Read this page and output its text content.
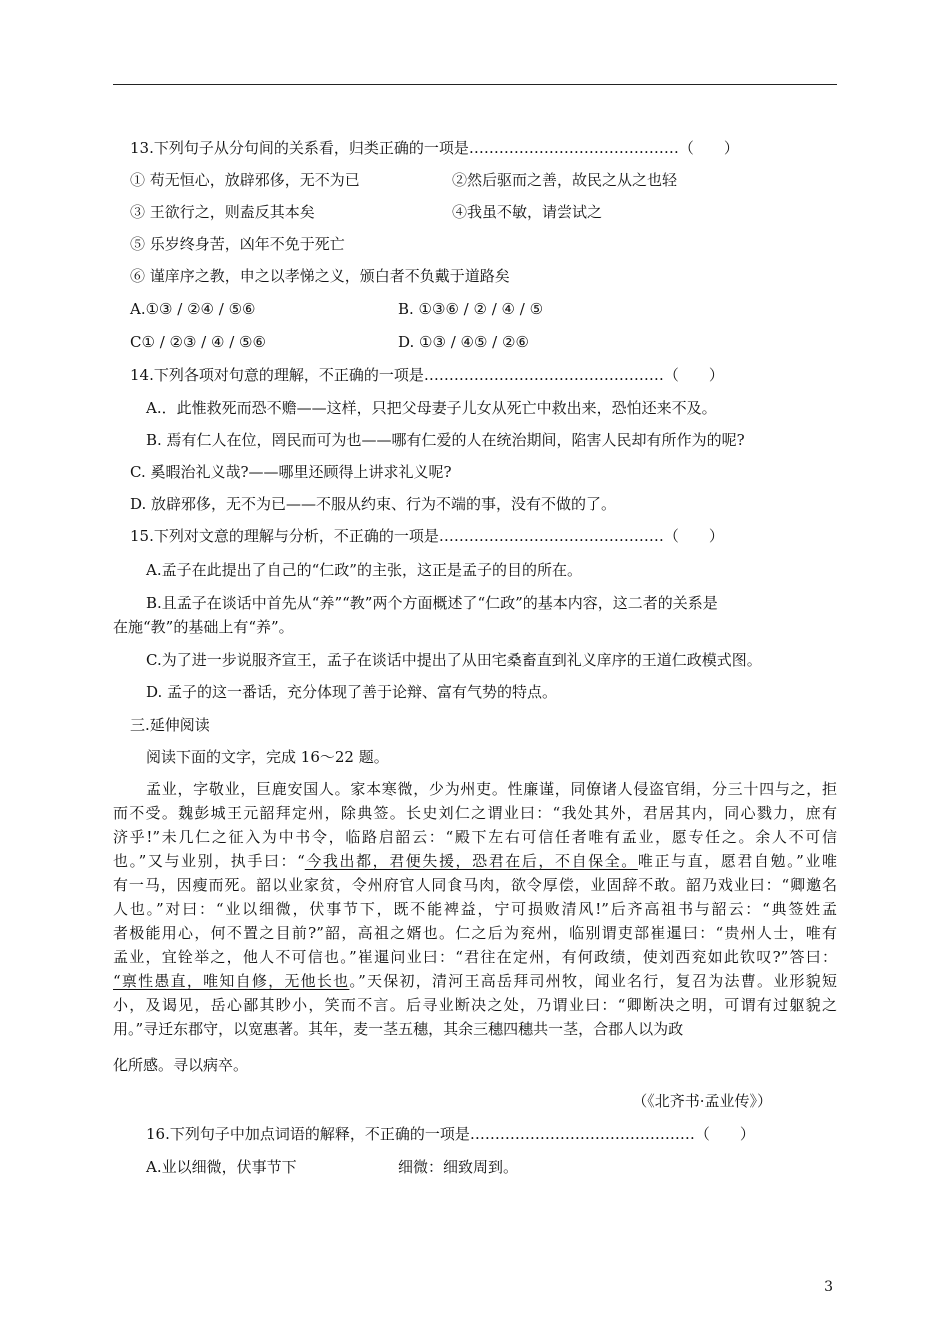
13.下列句子从分句间的关系看，归类正确的一项是……………………………………（　　）
① 苟无恒心，放辟邪侈，无不为已	②然后驱而之善，故民之从之也轻
③ 王欲行之，则盍反其本矣	④我虽不敏，请尝试之
⑤ 乐岁终身苦，凶年不免于死亡
⑥ 谨庠序之教，申之以孝悌之义，颁白者不负戴于道路矣
A.①③ / ②④ / ⑤⑥	B. ①③⑥ / ② / ④ / ⑤
C① / ②③ / ④ / ⑤⑥	D. ①③ / ④⑤ / ②⑥
14.下列各项对句意的理解，不正确的一项是…………………………………………（　　）
A.．此惟救死而恐不赡——这样，只把父母妻子儿女从死亡中救出来，恐怕还来不及。
B. 焉有仁人在位，罔民而可为也——哪有仁爱的人在统治期间，陷害人民却有所作为的呢?
C. 奚暇治礼义哉?——哪里还顾得上讲求礼义呢?
D. 放辟邪侈，无不为已——不服从约束、行为不端的事，没有不做的了。
15.下列对文意的理解与分析，不正确的一项是………………………………………（　　）
A.孟子在此提出了自己的“仁政”的主张，这正是孟子的目的所在。
B.且孟子在谈话中首先从“养”“教”两个方面概述了“仁政”的基本内容，这二者的关系是
在施“教”的基础上有“养”。
C.为了进一步说服齐宣王，孟子在谈话中提出了从田宅桑畜直到礼义庠序的王道仁政模式图。
D. 孟子的这一番话，充分体现了善于论辩、富有气势的特点。
三.延伸阅读
阅读下面的文字，完成 16～22 题。
孟业，字敬业，巨鹿安国人。家本寒微，少为州吏。性廉谨，同僚诸人侵盗官绢，分三十四与之，拒
而不受。魏彭城王元韶拜定州，除典签。长史刘仁之谓业曰：“我处其外，君居其内，同心戮力，庶有
济乎!”未几仁之征入为中书令，临路启韶云：“殿下左右可信任者唯有孟业，愿专任之。余人不可信
也。”又与业别，执手曰：“今我出都，君便失援，恐君在后，不自保全。唯正与直，愿君自勉。”业唯
有一马，因瘦而死。韶以业家贫，令州府官人同食马肉，欲令厚偿，业固辞不敢。韶乃戏业曰：“卿邀名
人也。”对曰：“业以细微，伏事节下，既不能裨益，宁可损败清风!”后齐高祖书与韶云：“典签姓孟
者极能用心，何不置之目前?”韶，高祖之婿也。仁之后为兖州，临别谓吏部崔暹曰：“贵州人士，唯有
孟业，宜铨举之，他人不可信也。”崔暹问业曰：“君往在定州，有何政绩，使刘西兖如此钦叹?”答曰：
“禀性愚直，唯知自修，无他长也。”天保初，清河王高岳拜司州牧，闻业名行，复召为法曹。业形貌短
小，及谒见，岳心鄙其眇小，笑而不言。后寻业断决之处，乃谓业曰：“卿断决之明，可谓有过躯貌之
用。”寻迁东郡守，以宽惠著。其年，麦一茎五穗，其余三穗四穗共一茎，合郡人以为政
化所感。寻以病卒。
（《北齐书·孟业传》）
16.下列句子中加点词语的解释，不正确的一项是………………………………………（　　）
A.业以细微，伏事节下	细微：细致周到。
3
